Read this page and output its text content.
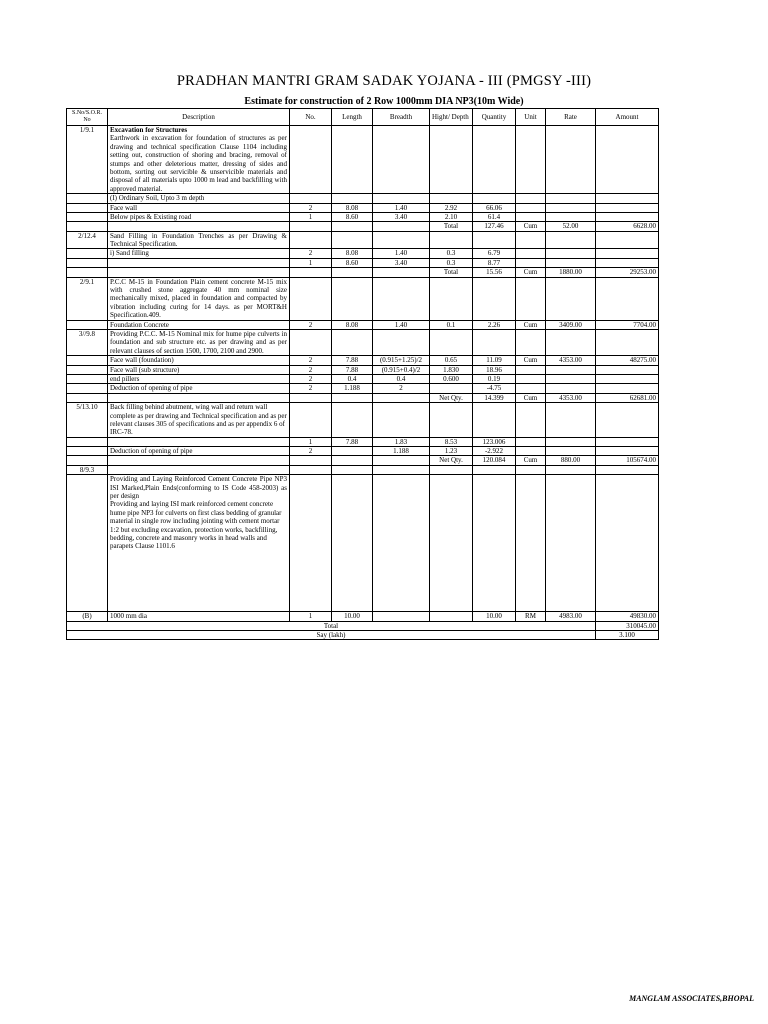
PRADHAN MANTRI GRAM SADAK YOJANA - III (PMGSY -III)
Estimate for construction of 2 Row 1000mm DIA NP3(10m Wide)
S.No/S.O.R. No	Description	No.	Length	Breadth	Hight/ Depth	Quantity	Unit	Rate	Amount
1/9.1	Excavation for Structures
Earthwork in excavation for foundation of structures as per drawing and technical specification Clause 1104 including setting out, construction of shoring and bracing, removal of stumps and other deleterious matter, dressing of sides and bottom, sorting out servicible & unservicible materials and disposal of all materials upto 1000 m lead and backfilling with approved material.								

	(I) Ordinary Soil, Upto 3 m depth								
	Face wall	2	8.08	1.40	2.92	66.06			
	Below pipes & Existing road	1	8.60	3.40	2.10	61.4			
					Total	127.46	Cum	52.00	6628.00
2/12.4	Sand Filling in Foundation Trenches as per Drawing & Technical Specification.								
	i) Sand filling	2	8.08	1.40	0.3	6.79			
		1	8.60	3.40	0.3	8.77			
					Total	15.56	Cum	1880.00	29253.00
2/9.1	P.C.C M-15 in Foundation Plain cement concrete M-15 mix with crushed stone aggregate 40 mm nominal size mechanically mixed, placed in foundation and compacted by vibration including curing for 14 days. as per MORT&H Specification.409.								
	Foundation Concrete	2	8.08	1.40	0.1	2.26	Cum	3409.00	7704.00
3//9.8	Providing P.C.C. M-15 Nominal mix for hume pipe culverts in foundation and sub structure etc. as per drawing and as per relevant clauses of section 1500, 1700, 2100 and 2900.								
	Face wall (foundation)	2	7.88	(0.915+1.25)/2	0.65	11.09	Cum	4353.00	48275.00
	Face wall (sub structure)	2	7.88	(0.915+0.4)/2	1.830	18.96			
	end pillers	2	0.4	0.4	0.600	0.19			
	Deduction of opening of pipe	2	1.188	2		-4.75			
					Net Qty.	14.399	Cum	4353.00	62681.00
5/13.10	Back filling behind abutment, wing wall and return wall complete as per drawing and Technical specification and as per relevant clauses 305 of specifications and as per appendix 6 of IRC-78.								
		1	7.88	1.83	8.53	123.006			
	Deduction of opening of pipe	2		1.188	1.23	-2.922			
					Net Qty.	120.084	Cum	880.00	105674.00
8/9.3									

	Providing and Laying Reinforced Cement Concrete Pipe NP3 ISI Marked,Plain Ends(conforming to IS Code 458-2003) as per design
Providing and laying ISI mark reinforced cement concrete hume pipe NP3 for culverts on first class bedding of granular material in single row including jointing with cement mortar 1:2 but excluding excavation, protection works, backfilling, bedding, concrete and masonry works in head walls and parapets Clause 1101.6								

(B)	1000 mm dia	1	10.00			10.00	RM	4983.00	49830.00
Total									310045.00
Say (lakh)									3.100
MANGLAM ASSOCIATES,BHOPAL
